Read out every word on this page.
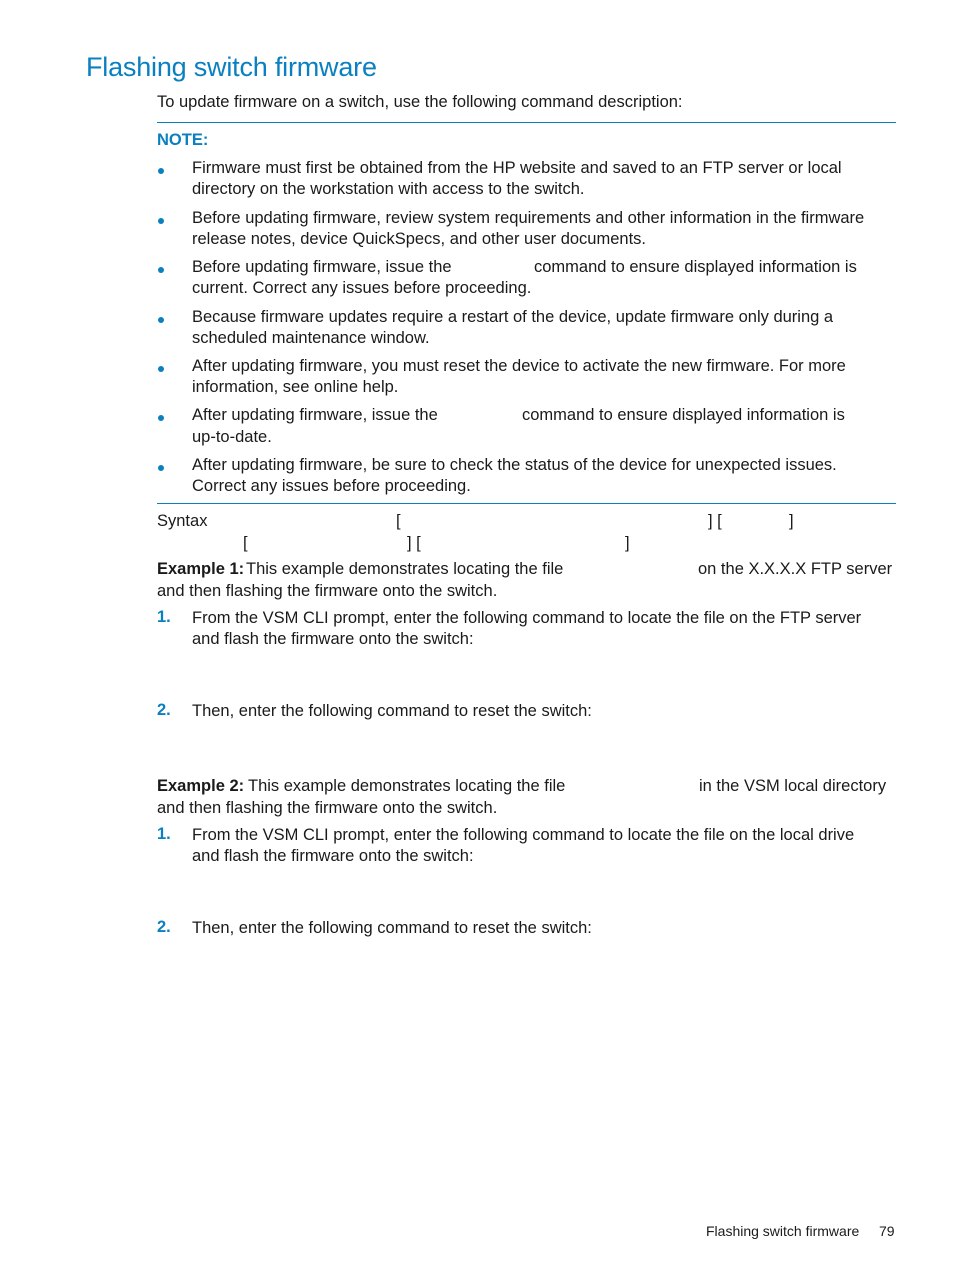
Flashing switch firmware
To update firmware on a switch, use the following command description:
NOTE:
Firmware must first be obtained from the HP website and saved to an FTP server or local
directory on the workstation with access to the switch.
Before updating firmware, review system requirements and other information in the firmware
release notes, device QuickSpecs, and other user documents.
Before updating firmware, issue the	command to ensure displayed information is
current. Correct any issues before proceeding.
Because firmware updates require a restart of the device, update firmware only during a
scheduled maintenance window.
After updating firmware, you must reset the device to activate the new firmware. For more
information, see online help.
After updating firmware, issue the	command to ensure displayed information is
up-to-date.
After updating firmware, be sure to check the status of the device for unexpected issues.
Correct any issues before proceeding.
Syntax	[	] [	]
[	] [	]
Example 1: This example demonstrates locating the file	on the X.X.X.X FTP server
and then flashing the firmware onto the switch.
1. From the VSM CLI prompt, enter the following command to locate the file on the FTP server
and flash the firmware onto the switch:
2. Then, enter the following command to reset the switch:
Example 2: This example demonstrates locating the file	in the VSM local directory
and then flashing the firmware onto the switch.
1. From the VSM CLI prompt, enter the following command to locate the file on the local drive
and flash the firmware onto the switch:
2. Then, enter the following command to reset the switch:
Flashing switch firmware 79
